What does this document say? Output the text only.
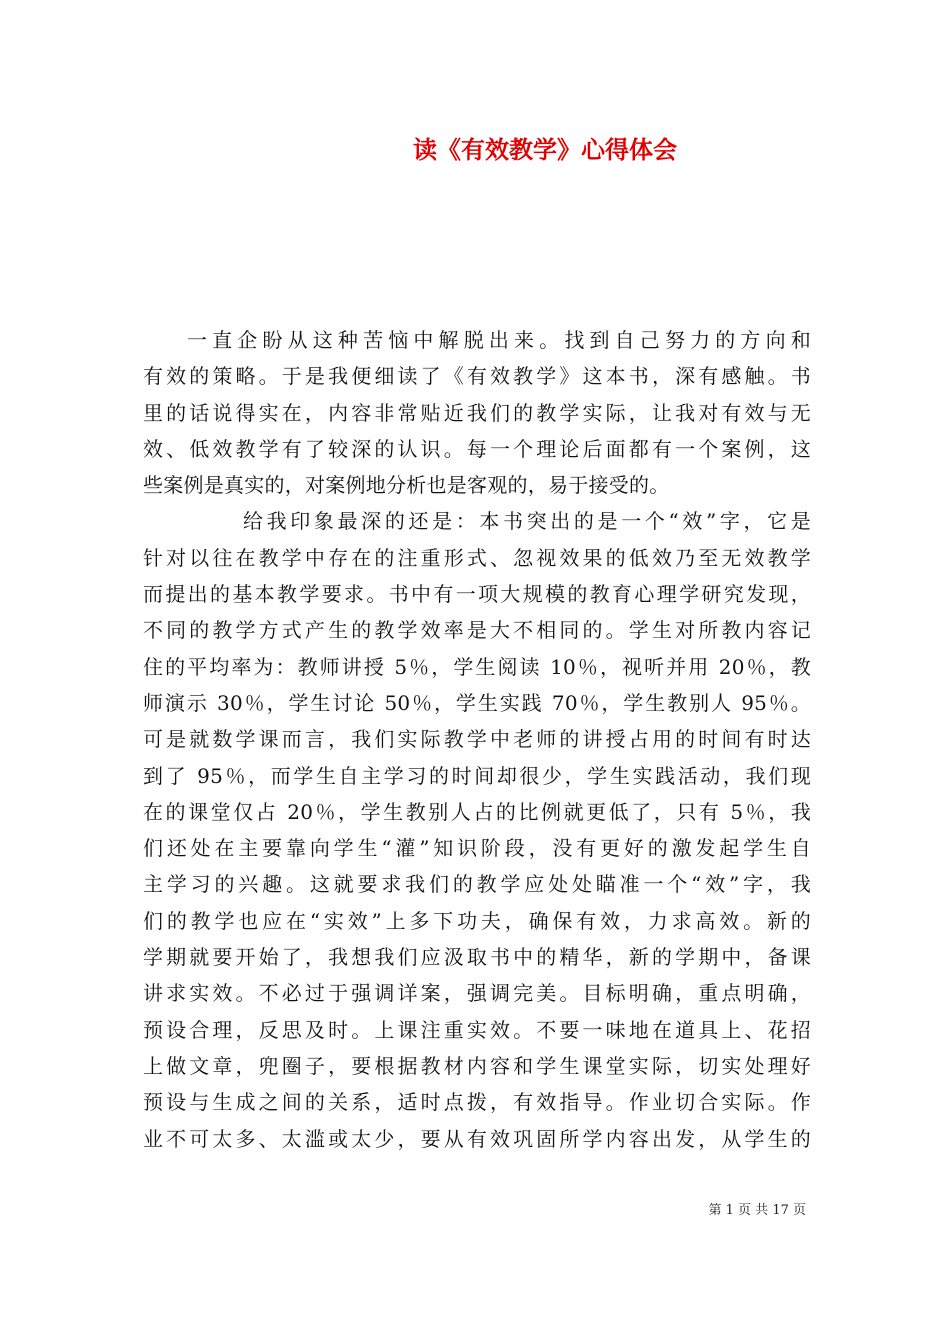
读《有效教学》心得体会
一直企盼从这种苦恼中解脱出来。找到自己努力的方向和
有效的策略。于是我便细读了《有效教学》这本书，深有感触。书
里的话说得实在，内容非常贴近我们的教学实际，让我对有效与无
效、低效教学有了较深的认识。每一个理论后面都有一个案例，这
些案例是真实的，对案例地分析也是客观的，易于接受的。
给我印象最深的还是：本书突出的是一个“效”字，它是
针对以往在教学中存在的注重形式、忽视效果的低效乃至无效教学
而提出的基本教学要求。书中有一项大规模的教育心理学研究发现，
不同的教学方式产生的教学效率是大不相同的。学生对所教内容记
住的平均率为：教师讲授 5％，学生阅读 10％，视听并用 20％，教
师演示 30％，学生讨论 50％，学生实践 70％，学生教别人 95％。
可是就数学课而言，我们实际教学中老师的讲授占用的时间有时达
到了 95％，而学生自主学习的时间却很少，学生实践活动，我们现
在的课堂仅占 20％，学生教别人占的比例就更低了，只有 5％，我
们还处在主要靠向学生“灌”知识阶段，没有更好的激发起学生自
主学习的兴趣。这就要求我们的教学应处处瞄准一个“效”字，我
们的教学也应在“实效”上多下功夫，确保有效，力求高效。新的
学期就要开始了，我想我们应汲取书中的精华，新的学期中，备课
讲求实效。不必过于强调详案，强调完美。目标明确，重点明确，
预设合理，反思及时。上课注重实效。不要一味地在道具上、花招
上做文章，兜圈子，要根据教材内容和学生课堂实际，切实处理好
预设与生成之间的关系，适时点拨，有效指导。作业切合实际。作
业不可太多、太滥或太少，要从有效巩固所学内容出发，从学生的
第 1 页 共 17 页
